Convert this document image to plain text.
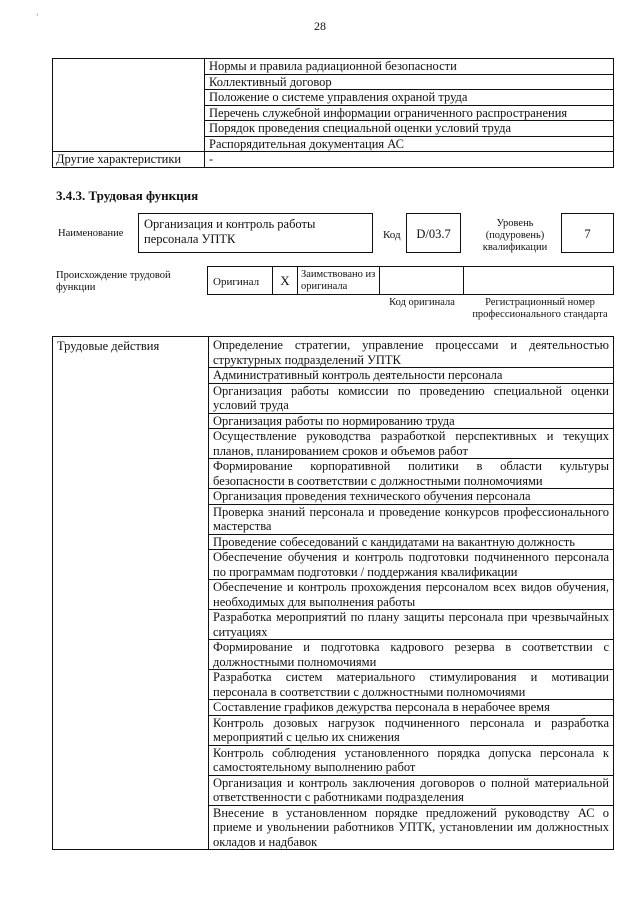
‘
28
	Нормы и правила радиационной безопасности
	Коллективный договор
	Положение о системе управления охраной труда
	Перечень служебной информации ограниченного распространения
	Порядок проведения специальной оценки условий труда
	Распорядительная документация АС
Другие характеристики	-
3.4.3. Трудовая функция
Наименование
Организация и контроль работы персонала УПТК	Код	D/03.7
Уровень (подуровень) квалификации
7
Происхождение трудовой функции	Оригинал	X	Заимствовано из оригинала
Код оригинала	Регистрационный номер профессионального стандарта
Трудовые действия	Определение стратегии, управление процессами и деятельностью структурных подразделений УПТК
Административный контроль деятельности персонала
Организация работы комиссии по проведению специальной оценки условий труда
Организация работы по нормированию труда
Осуществление руководства разработкой перспективных и текущих планов, планированием сроков и объемов работ
Формирование корпоративной политики в области культуры безопасности в соответствии с должностными полномочиями
Организация проведения технического обучения персонала
Проверка знаний персонала и проведение конкурсов профессионального мастерства
Проведение собеседований с кандидатами на вакантную должность
Обеспечение обучения и контроль подготовки подчиненного персонала по программам подготовки / поддержания квалификации
Обеспечение и контроль прохождения персоналом всех видов обучения, необходимых для выполнения работы
Разработка мероприятий по плану защиты персонала при чрезвычайных ситуациях
Формирование и подготовка кадрового резерва в соответствии с должностными полномочиями
Разработка систем материального стимулирования и мотивации персонала в соответствии с должностными полномочиями
Составление графиков дежурства персонала в нерабочее время
Контроль дозовых нагрузок подчиненного персонала и разработка мероприятий с целью их снижения
Контроль соблюдения установленного порядка допуска персонала к самостоятельному выполнению работ
Организация и контроль заключения договоров о полной материальной ответственности с работниками подразделения
Внесение в установленном порядке предложений руководству АС о приеме и увольнении работников УПТК, установлении им должностных окладов и надбавок
